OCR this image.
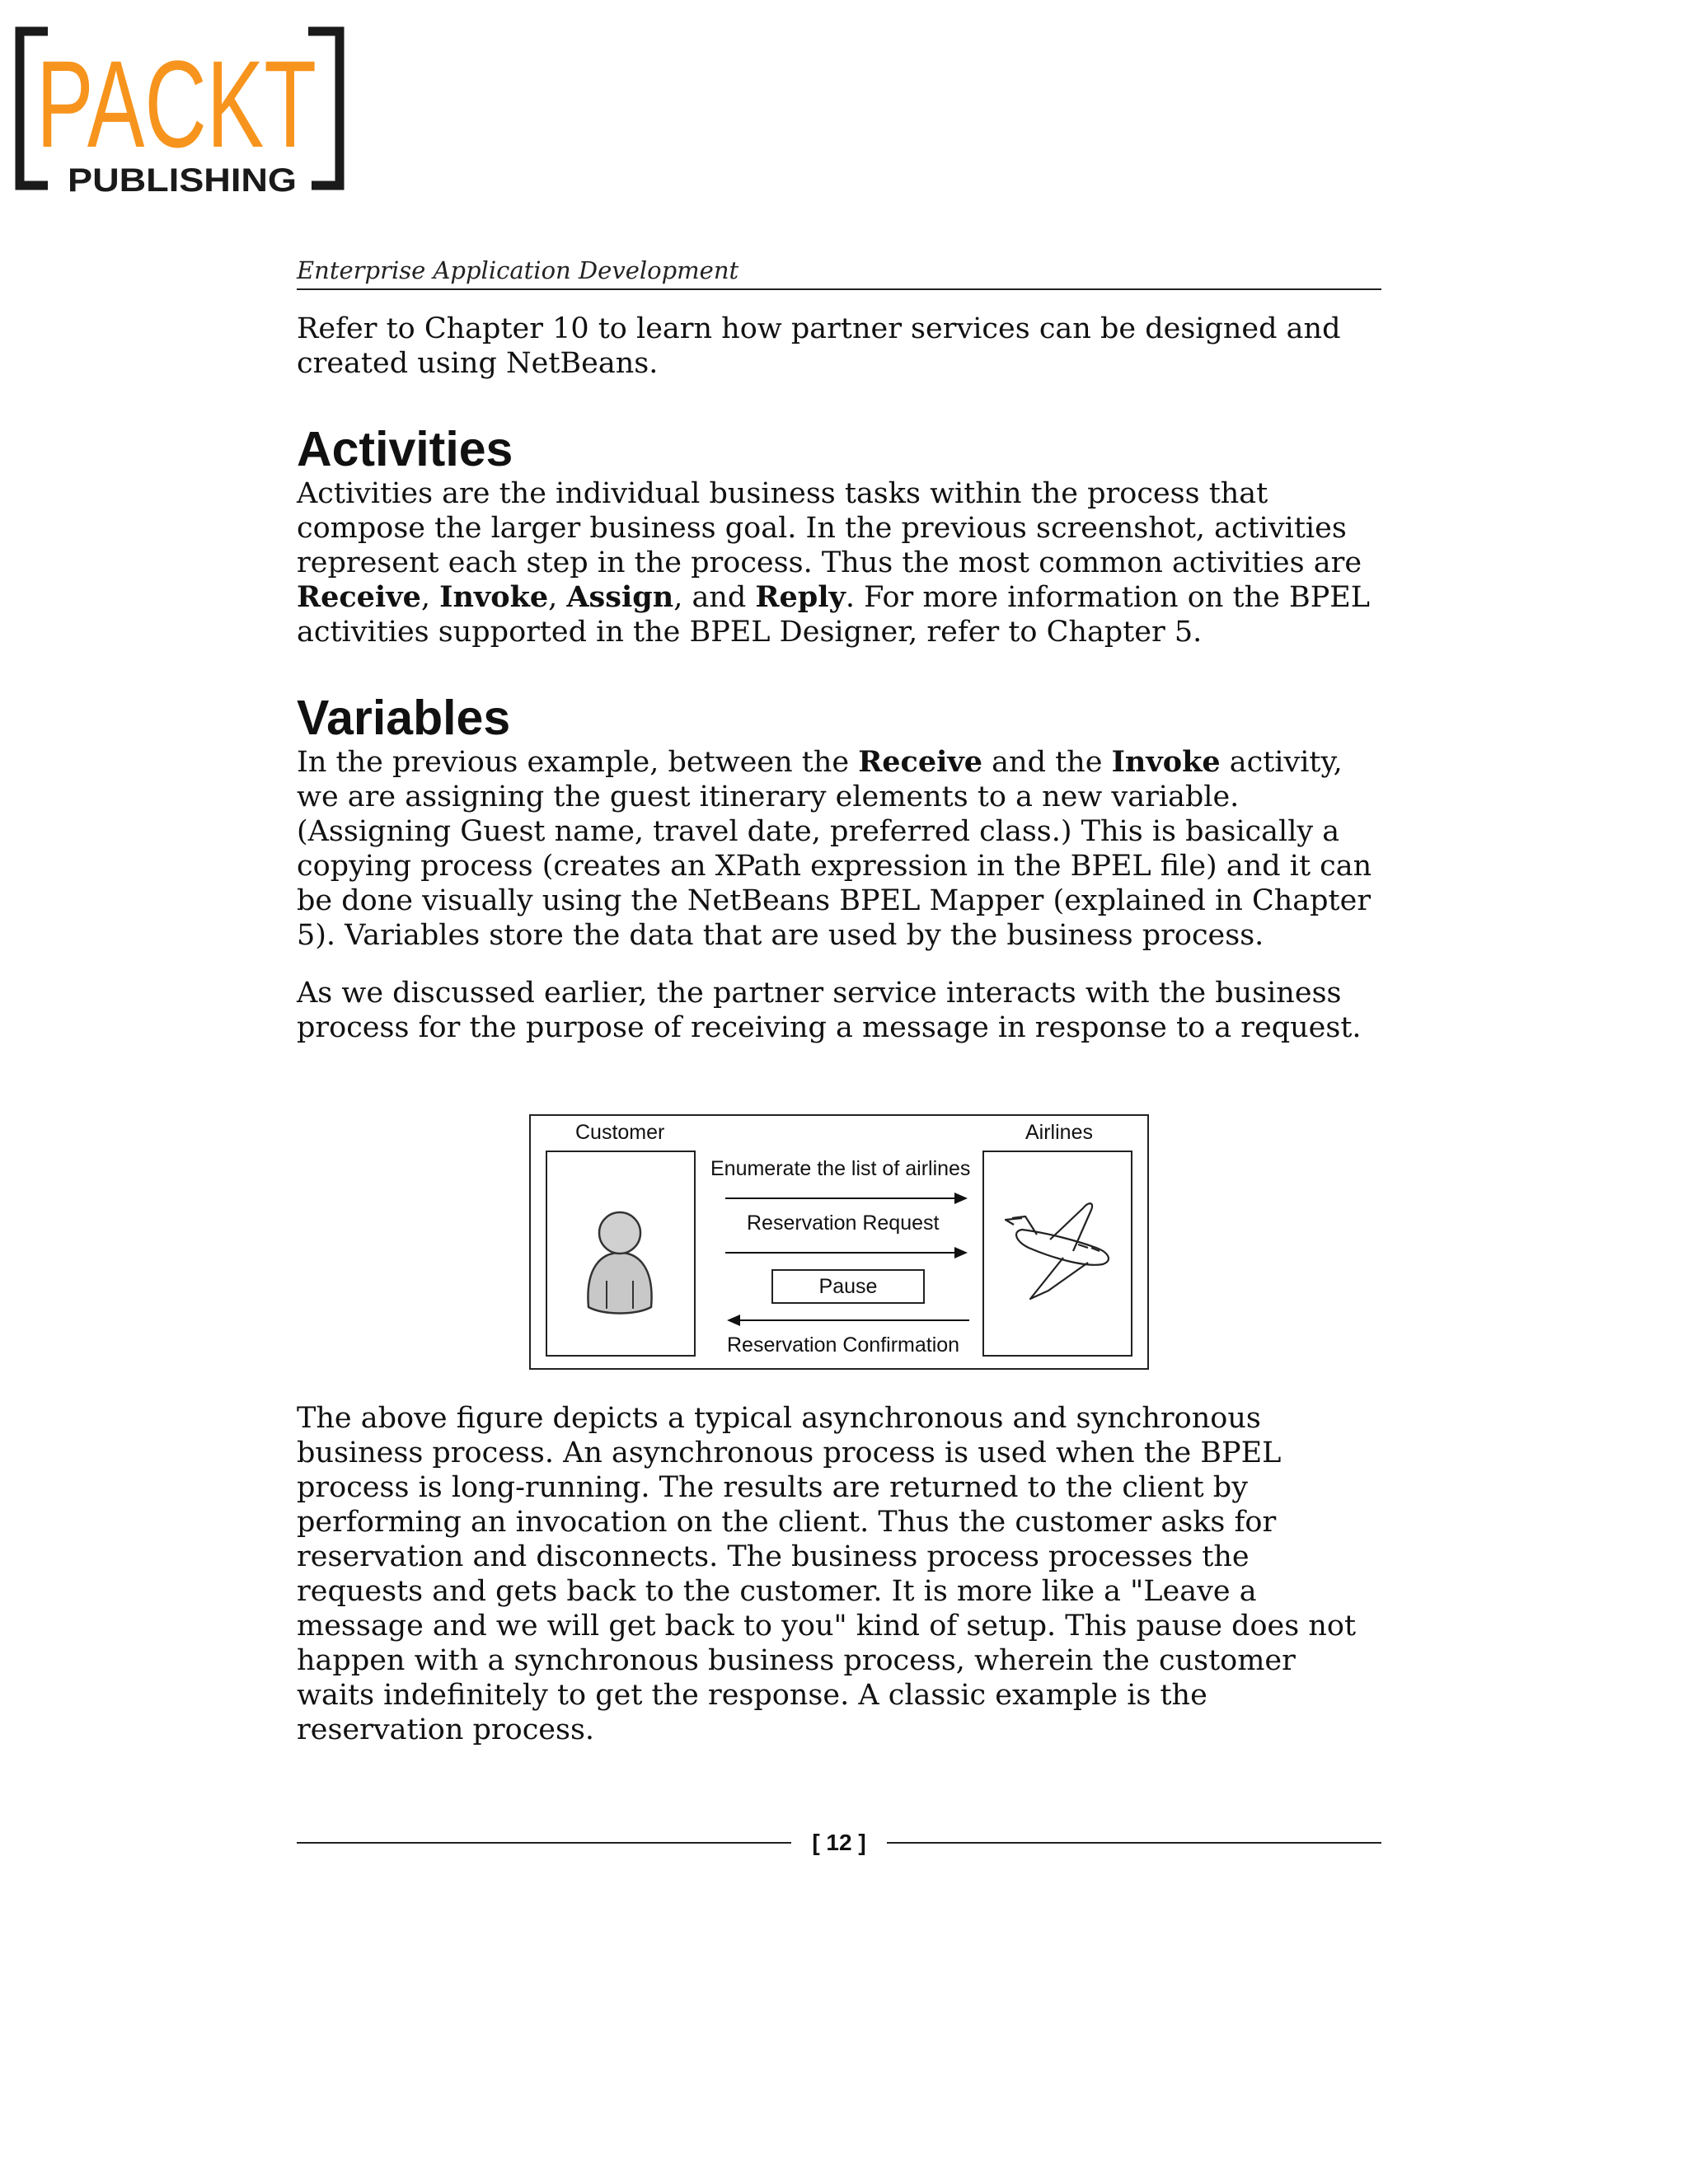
PACKT
PUBLISHING
Enterprise Application Development

Refer to Chapter 10 to learn how partner services can be designed and created using NetBeans.

Activities

Activities are the individual business tasks within the process that compose the larger business goal. In the previous screenshot, activities represent each step in the process. Thus the most common activities are Receive, Invoke, Assign, and Reply. For more information on the BPEL activities supported in the BPEL Designer, refer to Chapter 5.

Variables

In the previous example, between the Receive and the Invoke activity, we are assigning the guest itinerary elements to a new variable. (Assigning Guest name, travel date, preferred class.) This is basically a copying process (creates an XPath expression in the BPEL file) and it can be done visually using the NetBeans BPEL Mapper (explained in Chapter 5). Variables store the data that are used by the business process.

As we discussed earlier, the partner service interacts with the business process for the purpose of receiving a message in response to a request.

Customer	Airlines
Enumerate the list of airlines
Reservation Request
Pause
Reservation Confirmation

The above figure depicts a typical asynchronous and synchronous business process. An asynchronous process is used when the BPEL process is long-running. The results are returned to the client by performing an invocation on the client. Thus the customer asks for reservation and disconnects. The business process processes the requests and gets back to the customer. It is more like a "Leave a message and we will get back to you" kind of setup. This pause does not happen with a synchronous business process, wherein the customer waits indefinitely to get the response. A classic example is the reservation process.

[ 12 ]
